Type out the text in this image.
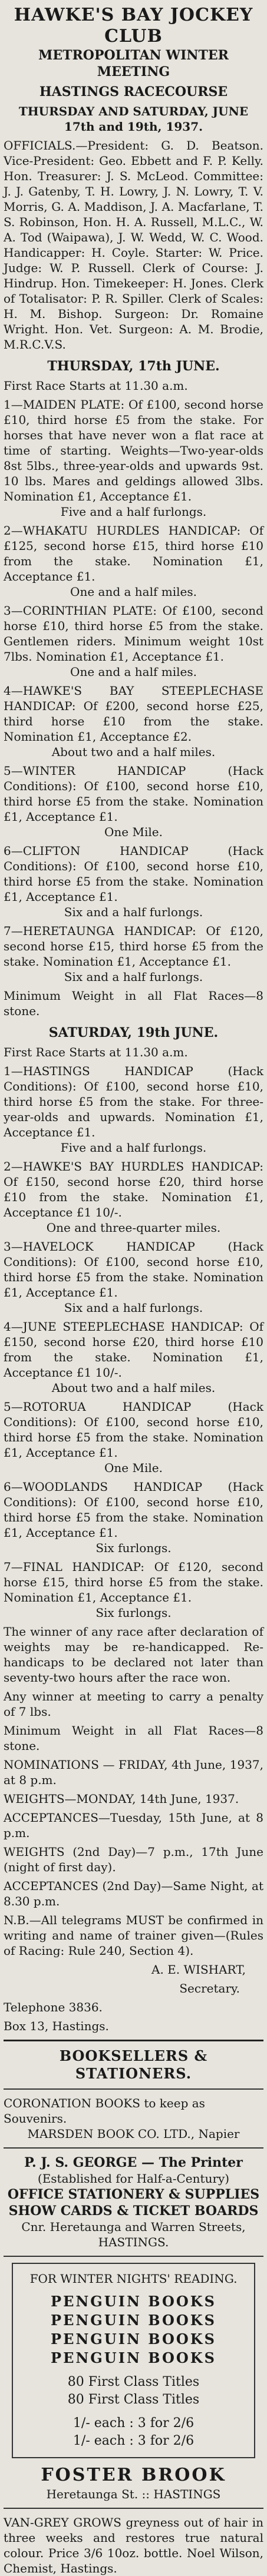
HAWKE'S BAY JOCKEY CLUB
METROPOLITAN WINTER MEETING
HASTINGS RACECOURSE
THURSDAY AND SATURDAY, JUNE 17th and 19th, 1937.
OFFICIALS.—President: G. D. Beatson. Vice-President: Geo. Ebbett and F. P. Kelly. Hon. Treasurer: J. S. McLeod. Committee: J. J. Gatenby, T. H. Lowry, J. N. Lowry, T. V. Morris, G. A. Maddison, J. A. Macfarlane, T. S. Robinson, Hon. H. A. Russell, M.L.C., W. A. Tod (Waipawa), J. W. Wedd, W. C. Wood. Handicapper: H. Coyle. Starter: W. Price. Judge: W. P. Russell. Clerk of Course: J. Hindrup. Hon. Timekeeper: H. Jones. Clerk of Totalisator: P. R. Spiller. Clerk of Scales: H. M. Bishop. Surgeon: Dr. Romaine Wright. Hon. Vet. Surgeon: A. M. Brodie, M.R.C.V.S.
THURSDAY, 17th JUNE.
First Race Starts at 11.30 a.m.
1—MAIDEN PLATE: Of £100, second horse £10, third horse £5 from the stake. For horses that have never won a flat race at time of starting. Weights—Two-year-olds 8st 5lbs., three-year-olds and upwards 9st. 10 lbs. Mares and geldings allowed 3lbs. Nomination £1, Acceptance £1.
Five and a half furlongs.
2—WHAKATU HURDLES HANDICAP: Of £125, second horse £15, third horse £10 from the stake. Nomination £1, Acceptance £1.
One and a half miles.
3—CORINTHIAN PLATE: Of £100, second horse £10, third horse £5 from the stake. Gentlemen riders. Minimum weight 10st 7lbs. Nomination £1, Acceptance £1.
One and a half miles.
4—HAWKE'S BAY STEEPLECHASE HANDICAP: Of £200, second horse £25, third horse £10 from the stake. Nomination £1, Acceptance £2.
About two and a half miles.
5—WINTER HANDICAP (Hack Conditions): Of £100, second horse £10, third horse £5 from the stake. Nomination £1, Acceptance £1.
One Mile.
6—CLIFTON HANDICAP (Hack Conditions): Of £100, second horse £10, third horse £5 from the stake. Nomination £1, Acceptance £1.
Six and a half furlongs.
7—HEREТАUNGA HANDICAP: Of £120, second horse £15, third horse £5 from the stake. Nomination £1, Acceptance £1.
Six and a half furlongs.
Minimum Weight in all Flat Races—8 stone.
SATURDAY, 19th JUNE.
First Race Starts at 11.30 a.m.
1—HASTINGS HANDICAP (Hack Conditions): Of £100, second horse £10, third horse £5 from the stake. For three-year-olds and upwards. Nomination £1, Acceptance £1.
Five and a half furlongs.
2—HAWKE'S BAY HURDLES HANDICAP: Of £150, second horse £20, third horse £10 from the stake. Nomination £1, Acceptance £1 10/-.
One and three-quarter miles.
3—HAVELOCK HANDICAP (Hack Conditions): Of £100, second horse £10, third horse £5 from the stake. Nomination £1, Acceptance £1.
Six and a half furlongs.
4—JUNE STEEPLECHASE HANDICAP: Of £150, second horse £20, third horse £10 from the stake. Nomination £1, Acceptance £1 10/-.
About two and a half miles.
5—ROTORUA HANDICAP (Hack Conditions): Of £100, second horse £10, third horse £5 from the stake. Nomination £1, Acceptance £1.
One Mile.
6—WOODLANDS HANDICAP (Hack Conditions): Of £100, second horse £10, third horse £5 from the stake. Nomination £1, Acceptance £1.
Six furlongs.
7—FINAL HANDICAP: Of £120, second horse £15, third horse £5 from the stake. Nomination £1, Acceptance £1.
Six furlongs.
The winner of any race after declaration of weights may be re-handicapped. Re-handicaps to be declared not later than seventy-two hours after the race won.
Any winner at meeting to carry a penalty of 7 lbs.
Minimum Weight in all Flat Races—8 stone.
NOMINATIONS — FRIDAY, 4th June, 1937, at 8 p.m.
WEIGHTS—MONDAY, 14th June, 1937.
ACCEPTANCES—Tuesday, 15th June, at 8 p.m.
WEIGHTS (2nd Day)—7 p.m., 17th June (night of first day).
ACCEPTANCES (2nd Day)—Same Night, at 8.30 p.m.
N.B.—All telegrams MUST be confirmed in writing and name of trainer given—(Rules of Racing: Rule 240, Section 4).
A. E. WISHART,
Secretary.
Telephone 3836.
Box 13, Hastings.
BOOKSELLERS & STATIONERS.
CORONATION BOOKS to keep as Souvenirs.
MARSDEN BOOK CO. LTD., Napier
P. J. S. GEORGE — The Printer
(Established for Half-a-Century)
OFFICE STATIONERY & SUPPLIES
SHOW CARDS & TICKET BOARDS
Cnr. Heretaunga and Warren Streets, HASTINGS.
FOR WINTER NIGHTS' READING.
PENGUIN BOOKS
PENGUIN BOOKS
PENGUIN BOOKS
PENGUIN BOOKS
80 First Class Titles
80 First Class Titles
1/- each : 3 for 2/6
1/- each : 3 for 2/6
FOSTER BROOK
Heretaunga St. :: HASTINGS
VAN-GREY GROWS greyness out of hair in three weeks and restores true natural colour. Price 3/6 10oz. bottle. Noel Wilson, Chemist, Hastings.
